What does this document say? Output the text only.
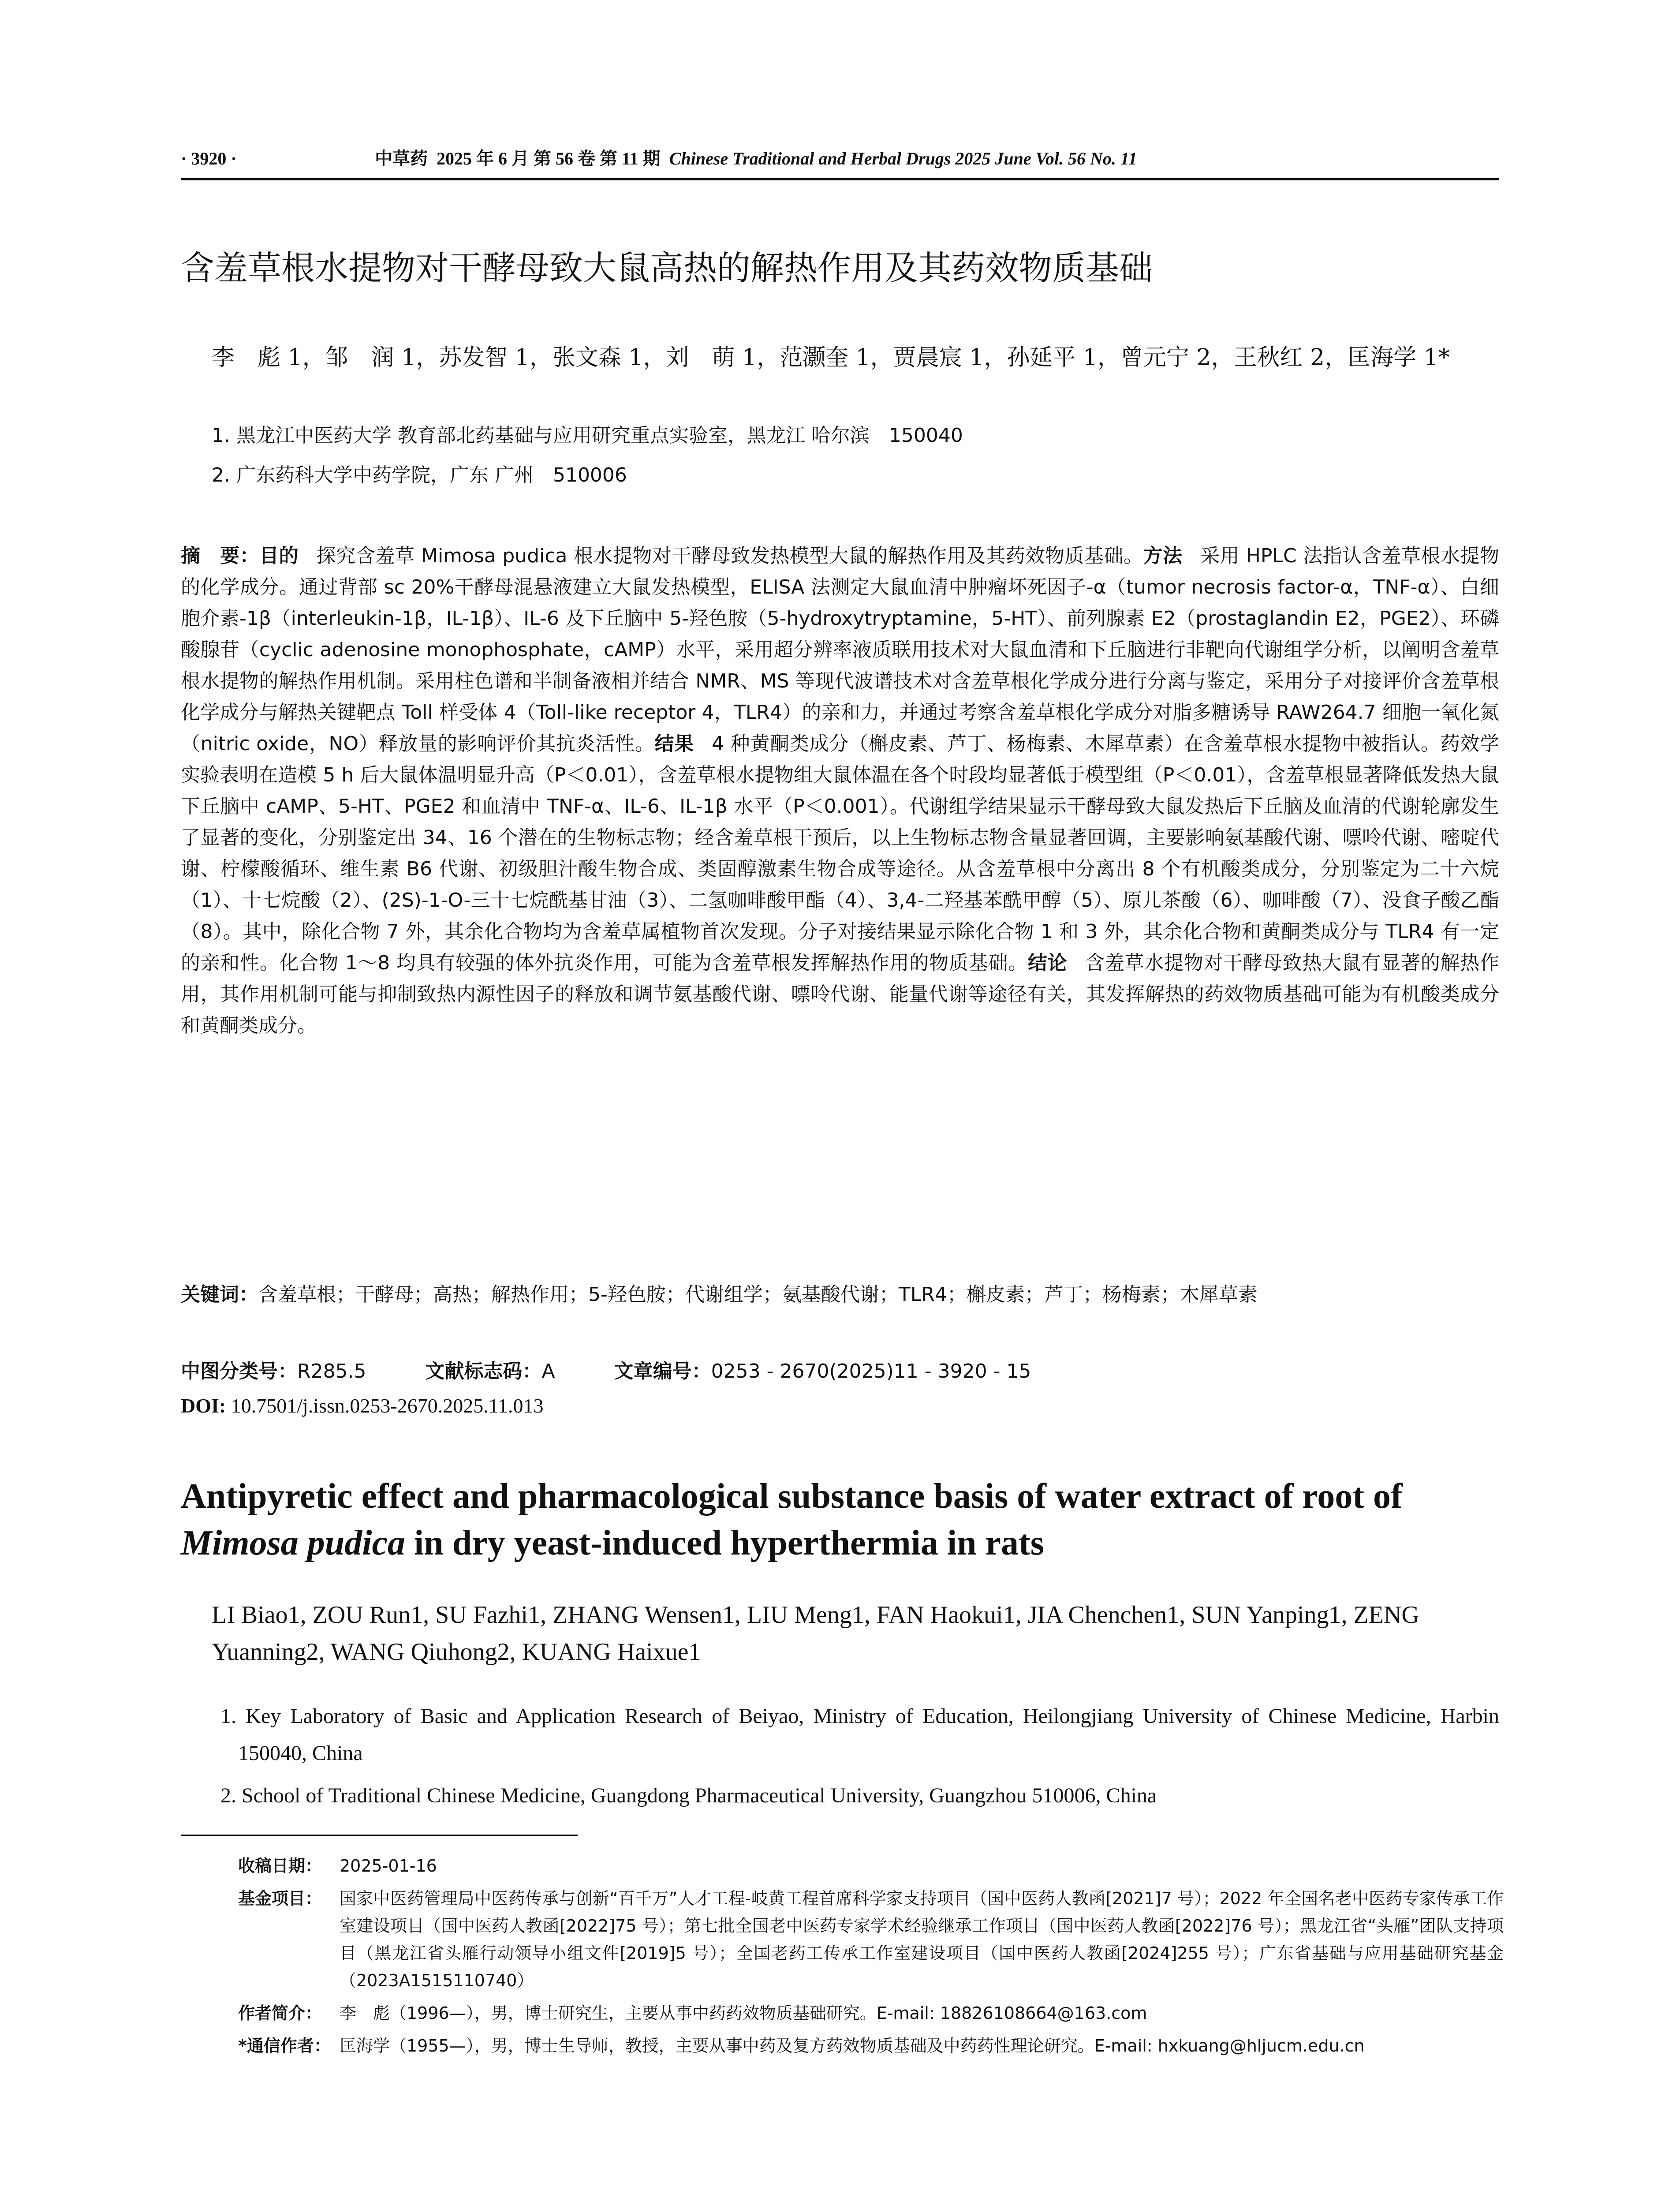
· 3920 ·	中草药 2025 年 6 月 第 56 卷 第 11 期 Chinese Traditional and Herbal Drugs 2025 June Vol. 56 No. 11
含羞草根水提物对干酵母致大鼠高热的解热作用及其药效物质基础
李　彪 1，邹　润 1，苏发智 1，张文森 1，刘　萌 1，范灏奎 1，贾晨宸 1，孙延平 1，曾元宁 2，王秋红 2，匡海学 1*
1. 黑龙江中医药大学 教育部北药基础与应用研究重点实验室，黑龙江 哈尔滨　150040
2. 广东药科大学中药学院，广东 广州　510006
摘　要：目的 探究含羞草 Mimosa pudica 根水提物对干酵母致发热模型大鼠的解热作用及其药效物质基础。方法 采用 HPLC 法指认含羞草根水提物的化学成分。通过背部 sc 20%干酵母混悬液建立大鼠发热模型，ELISA 法测定大鼠血清中肿瘤坏死因子-α（tumor necrosis factor-α，TNF-α）、白细胞介素-1β（interleukin-1β，IL-1β）、IL-6 及下丘脑中 5-羟色胺（5-hydroxytryptamine，5-HT）、前列腺素 E2（prostaglandin E2，PGE2）、环磷酸腺苷（cyclic adenosine monophosphate，cAMP）水平，采用超分辨率液质联用技术对大鼠血清和下丘脑进行非靶向代谢组学分析，以阐明含羞草根水提物的解热作用机制。采用柱色谱和半制备液相并结合 NMR、MS 等现代波谱技术对含羞草根化学成分进行分离与鉴定，采用分子对接评价含羞草根化学成分与解热关键靶点 Toll 样受体 4（Toll-like receptor 4，TLR4）的亲和力，并通过考察含羞草根化学成分对脂多糖诱导 RAW264.7 细胞一氧化氮（nitric oxide，NO）释放量的影响评价其抗炎活性。结果 4 种黄酮类成分（槲皮素、芦丁、杨梅素、木犀草素）在含羞草根水提物中被指认。药效学实验表明在造模 5 h 后大鼠体温明显升高（P＜0.01），含羞草根水提物组大鼠体温在各个时段均显著低于模型组（P＜0.01），含羞草根显著降低发热大鼠下丘脑中 cAMP、5-HT、PGE2 和血清中 TNF-α、IL-6、IL-1β 水平（P＜0.001）。代谢组学结果显示干酵母致大鼠发热后下丘脑及血清的代谢轮廓发生了显著的变化，分别鉴定出 34、16 个潜在的生物标志物；经含羞草根干预后，以上生物标志物含量显著回调，主要影响氨基酸代谢、嘌呤代谢、嘧啶代谢、柠檬酸循环、维生素 B6 代谢、初级胆汁酸生物合成、类固醇激素生物合成等途径。从含羞草根中分离出 8 个有机酸类成分，分别鉴定为二十六烷（1）、十七烷酸（2）、(2S)-1-O-三十七烷酰基甘油（3）、二氢咖啡酸甲酯（4）、3,4-二羟基苯酰甲醇（5）、原儿茶酸（6）、咖啡酸（7）、没食子酸乙酯（8）。其中，除化合物 7 外，其余化合物均为含羞草属植物首次发现。分子对接结果显示除化合物 1 和 3 外，其余化合物和黄酮类成分与 TLR4 有一定的亲和性。化合物 1～8 均具有较强的体外抗炎作用，可能为含羞草根发挥解热作用的物质基础。结论 含羞草水提物对干酵母致热大鼠有显著的解热作用，其作用机制可能与抑制致热内源性因子的释放和调节氨基酸代谢、嘌呤代谢、能量代谢等途径有关，其发挥解热的药效物质基础可能为有机酸类成分和黄酮类成分。
关键词：含羞草根；干酵母；高热；解热作用；5-羟色胺；代谢组学；氨基酸代谢；TLR4；槲皮素；芦丁；杨梅素；木犀草素
中图分类号：R285.5	文献标志码：A	文章编号：0253 - 2670(2025)11 - 3920 - 15
DOI: 10.7501/j.issn.0253-2670.2025.11.013
Antipyretic effect and pharmacological substance basis of water extract of root of Mimosa pudica in dry yeast-induced hyperthermia in rats
LI Biao1, ZOU Run1, SU Fazhi1, ZHANG Wensen1, LIU Meng1, FAN Haokui1, JIA Chenchen1, SUN Yanping1, ZENG Yuanning2, WANG Qiuhong2, KUANG Haixue1
1. Key Laboratory of Basic and Application Research of Beiyao, Ministry of Education, Heilongjiang University of Chinese Medicine, Harbin 150040, China
2. School of Traditional Chinese Medicine, Guangdong Pharmaceutical University, Guangzhou 510006, China
收稿日期： 2025-01-16
基金项目： 国家中医药管理局中医药传承与创新“百千万”人才工程-岐黄工程首席科学家支持项目（国中医药人教函[2021]7 号）；2022 年全国名老中医药专家传承工作室建设项目（国中医药人教函[2022]75 号）；第七批全国老中医药专家学术经验继承工作项目（国中医药人教函[2022]76 号）；黑龙江省“头雁”团队支持项目（黑龙江省头雁行动领导小组文件[2019]5 号）；全国老药工传承工作室建设项目（国中医药人教函[2024]255 号）；广东省基础与应用基础研究基金（2023A1515110740）
作者简介： 李　彪（1996—），男，博士研究生，主要从事中药药效物质基础研究。E-mail: 18826108664@163.com
*通信作者： 匡海学（1955—），男，博士生导师，教授，主要从事中药及复方药效物质基础及中药药性理论研究。E-mail: hxkuang@hljucm.edu.cn
